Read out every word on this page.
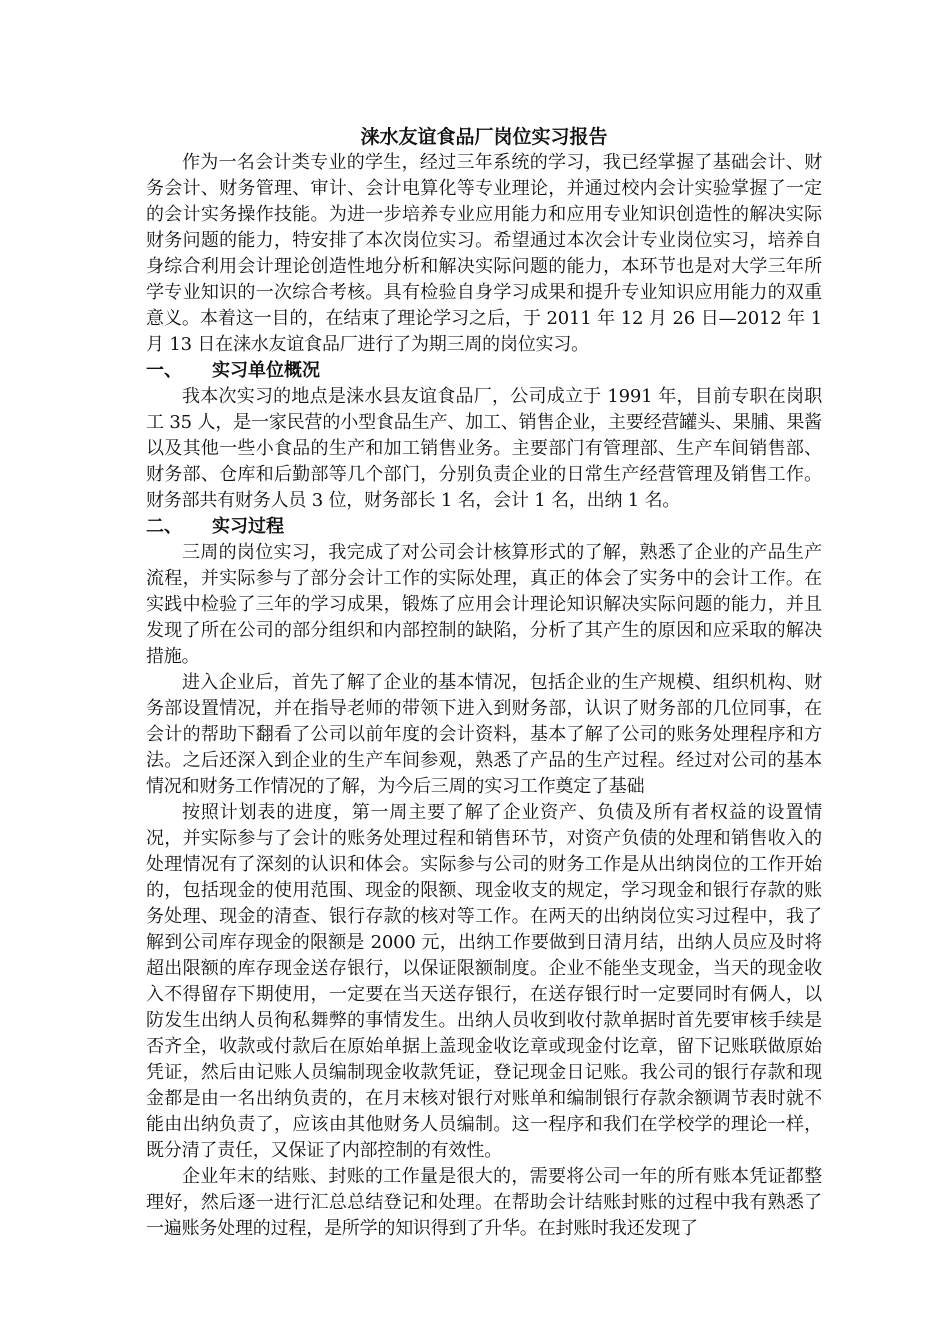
涞水友谊食品厂岗位实习报告

作为一名会计类专业的学生，经过三年系统的学习，我已经掌握了基础会计、财务会计、财务管理、审计、会计电算化等专业理论，并通过校内会计实验掌握了一定的会计实务操作技能。为进一步培养专业应用能力和应用专业知识创造性的解决实际财务问题的能力，特安排了本次岗位实习。希望通过本次会计专业岗位实习，培养自身综合利用会计理论创造性地分析和解决实际问题的能力，本环节也是对大学三年所学专业知识的一次综合考核。具有检验自身学习成果和提升专业知识应用能力的双重意义。本着这一目的，在结束了理论学习之后，于 2011 年 12 月 26 日—2012 年 1 月 13 日在涞水友谊食品厂进行了为期三周的岗位实习。

一、	实习单位概况

我本次实习的地点是涞水县友谊食品厂，公司成立于 1991 年，目前专职在岗职工 35 人，是一家民营的小型食品生产、加工、销售企业，主要经营罐头、果脯、果酱以及其他一些小食品的生产和加工销售业务。主要部门有管理部、生产车间销售部、财务部、仓库和后勤部等几个部门，分别负责企业的日常生产经营管理及销售工作。财务部共有财务人员 3 位，财务部长 1 名，会计 1 名，出纳 1 名。

二、	实习过程

三周的岗位实习，我完成了对公司会计核算形式的了解，熟悉了企业的产品生产流程，并实际参与了部分会计工作的实际处理，真正的体会了实务中的会计工作。在实践中检验了三年的学习成果，锻炼了应用会计理论知识解决实际问题的能力，并且发现了所在公司的部分组织和内部控制的缺陷，分析了其产生的原因和应采取的解决措施。

进入企业后，首先了解了企业的基本情况，包括企业的生产规模、组织机构、财务部设置情况，并在指导老师的带领下进入到财务部，认识了财务部的几位同事，在会计的帮助下翻看了公司以前年度的会计资料，基本了解了公司的账务处理程序和方法。之后还深入到企业的生产车间参观，熟悉了产品的生产过程。经过对公司的基本情况和财务工作情况的了解，为今后三周的实习工作奠定了基础

按照计划表的进度，第一周主要了解了企业资产、负债及所有者权益的设置情况，并实际参与了会计的账务处理过程和销售环节，对资产负债的处理和销售收入的处理情况有了深刻的认识和体会。实际参与公司的财务工作是从出纳岗位的工作开始的，包括现金的使用范围、现金的限额、现金收支的规定，学习现金和银行存款的账务处理、现金的清查、银行存款的核对等工作。在两天的出纳岗位实习过程中，我了解到公司库存现金的限额是 2000 元，出纳工作要做到日清月结，出纳人员应及时将超出限额的库存现金送存银行，以保证限额制度。企业不能坐支现金，当天的现金收入不得留存下期使用，一定要在当天送存银行，在送存银行时一定要同时有俩人，以防发生出纳人员徇私舞弊的事情发生。出纳人员收到收付款单据时首先要审核手续是否齐全，收款或付款后在原始单据上盖现金收讫章或现金付讫章，留下记账联做原始凭证，然后由记账人员编制现金收款凭证，登记现金日记账。我公司的银行存款和现金都是由一名出纳负责的，在月末核对银行对账单和编制银行存款余额调节表时就不能由出纳负责了，应该由其他财务人员编制。这一程序和我们在学校学的理论一样，既分清了责任，又保证了内部控制的有效性。

企业年末的结账、封账的工作量是很大的，需要将公司一年的所有账本凭证都整理好，然后逐一进行汇总总结登记和处理。在帮助会计结账封账的过程中我有熟悉了一遍账务处理的过程，是所学的知识得到了升华。在封账时我还发现了
